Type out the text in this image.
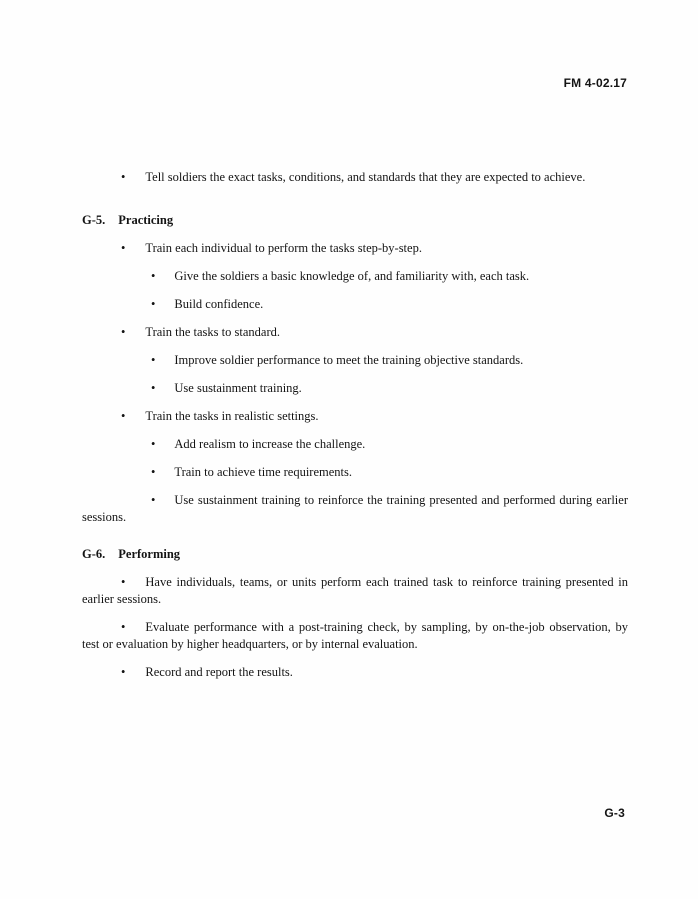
FM 4-02.17

• Tell soldiers the exact tasks, conditions, and standards that they are expected to achieve.

G-5. Practicing

• Train each individual to perform the tasks step-by-step.

• Give the soldiers a basic knowledge of, and familiarity with, each task.

• Build confidence.

• Train the tasks to standard.

• Improve soldier performance to meet the training objective standards.

• Use sustainment training.

• Train the tasks in realistic settings.

• Add realism to increase the challenge.

• Train to achieve time requirements.

• Use sustainment training to reinforce the training presented and performed during earlier sessions.

G-6. Performing

• Have individuals, teams, or units perform each trained task to reinforce training presented in earlier sessions.

• Evaluate performance with a post-training check, by sampling, by on-the-job observation, by test or evaluation by higher headquarters, or by internal evaluation.

• Record and report the results.

G-3
